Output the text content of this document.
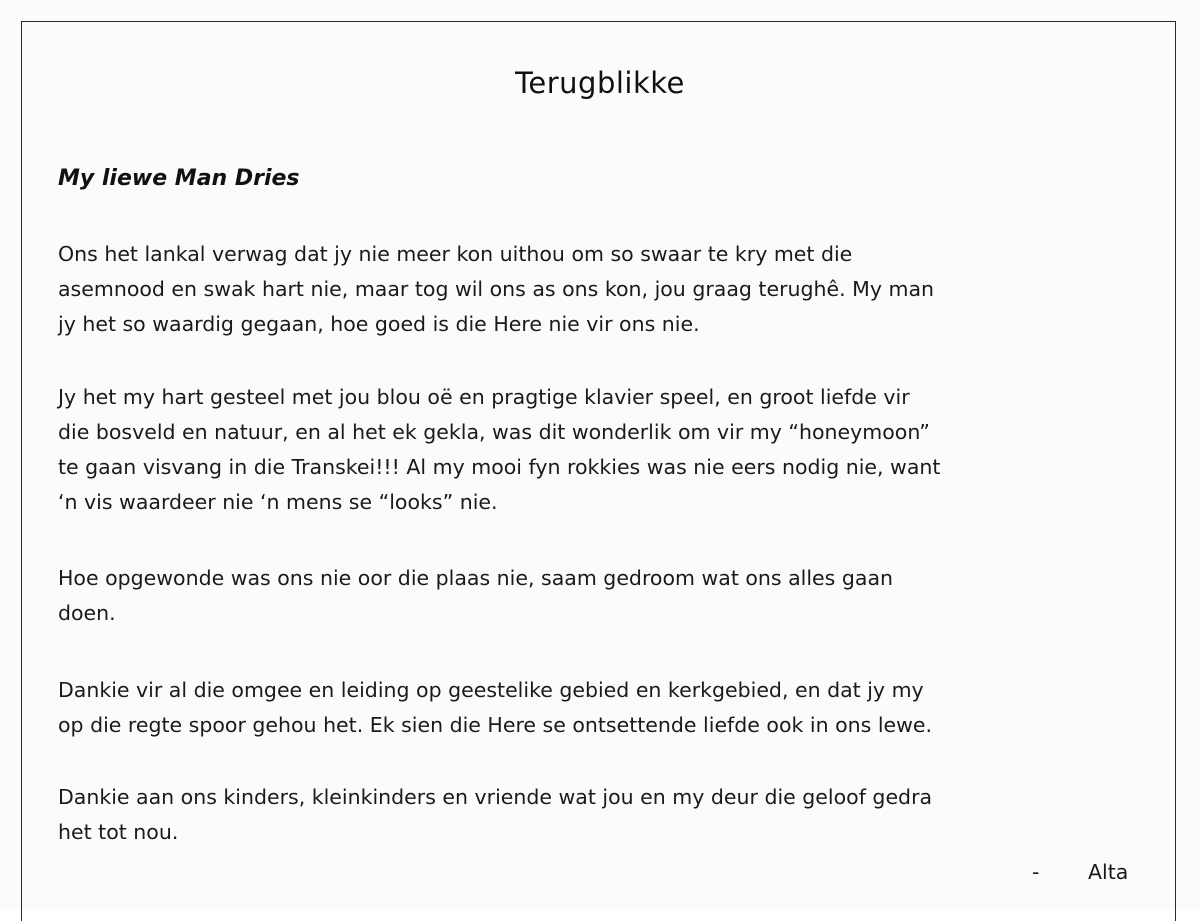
Terugblikke
My liewe Man Dries

Ons het lankal verwag dat jy nie meer kon uithou om so swaar te kry met die
asemnood en swak hart nie, maar tog wil ons as ons kon, jou graag terughê. My man
jy het so waardig gegaan, hoe goed is die Here nie vir ons nie.

Jy het my hart gesteel met jou blou oë en pragtige klavier speel, en groot liefde vir
die bosveld en natuur, en al het ek gekla, was dit wonderlik om vir my “honeymoon”
te gaan visvang in die Transkei!!! Al my mooi fyn rokkies was nie eers nodig nie, want
‘n vis waardeer nie ‘n mens se “looks” nie.

Hoe opgewonde was ons nie oor die plaas nie, saam gedroom wat ons alles gaan
doen.

Dankie vir al die omgee en leiding op geestelike gebied en kerkgebied, en dat jy my
op die regte spoor gehou het. Ek sien die Here se ontsettende liefde ook in ons lewe.

Dankie aan ons kinders, kleinkinders en vriende wat jou en my deur die geloof gedra
het tot nou.

- Alta
